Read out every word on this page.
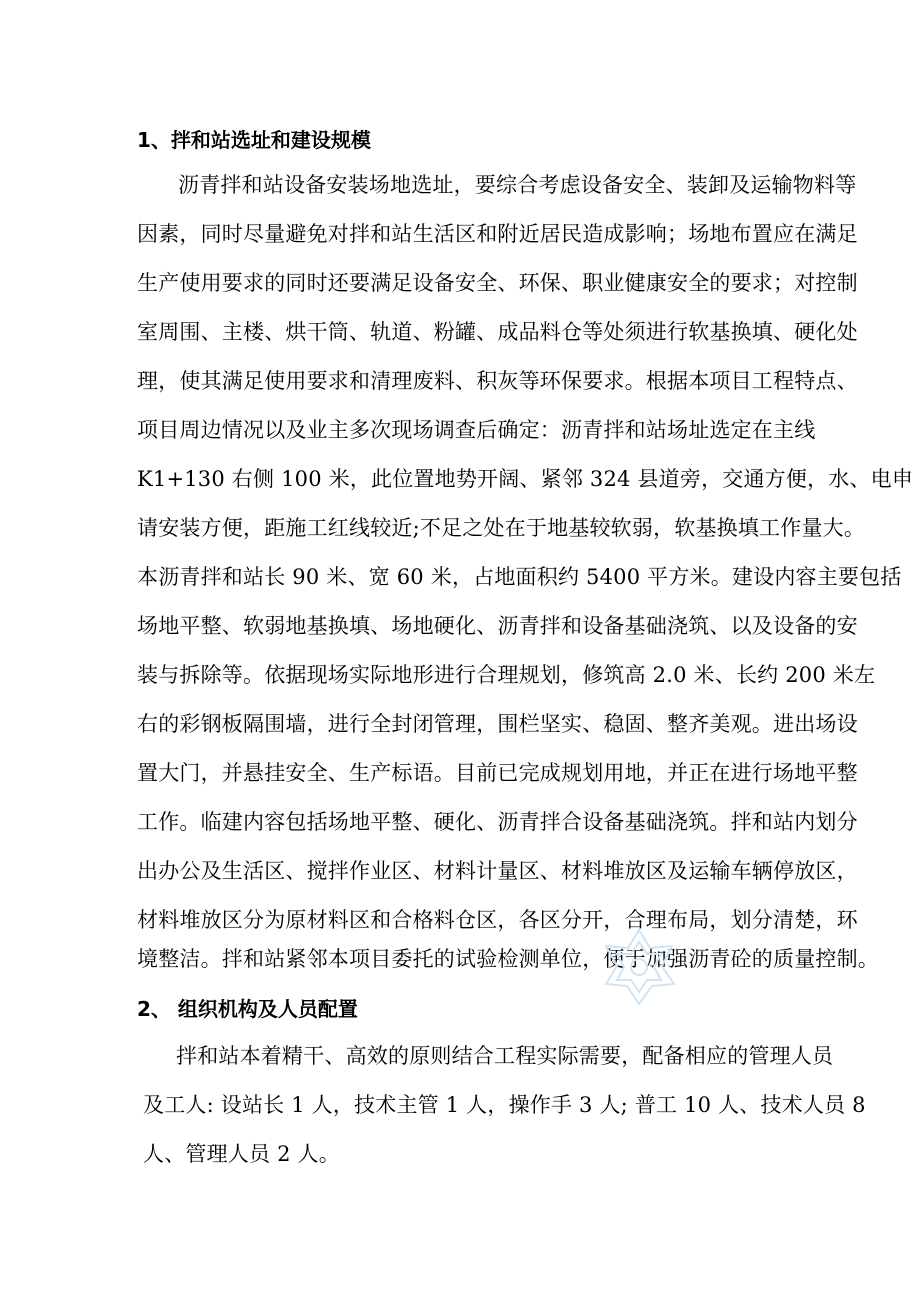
1、拌和站选址和建设规模
沥青拌和站设备安装场地选址，要综合考虑设备安全、装卸及运输物料等
因素，同时尽量避免对拌和站生活区和附近居民造成影响；场地布置应在满足
生产使用要求的同时还要满足设备安全、环保、职业健康安全的要求；对控制
室周围、主楼、烘干筒、轨道、粉罐、成品料仓等处须进行软基换填、硬化处
理，使其满足使用要求和清理废料、积灰等环保要求。根据本项目工程特点、
项目周边情况以及业主多次现场调查后确定：沥青拌和站场址选定在主线
K1+130 右侧 100 米，此位置地势开阔、紧邻 324 县道旁，交通方便，水、电申
请安装方便，距施工红线较近;不足之处在于地基较软弱，软基换填工作量大。
本沥青拌和站长 90 米、宽 60 米，占地面积约 5400 平方米。建设内容主要包括
场地平整、软弱地基换填、场地硬化、沥青拌和设备基础浇筑、以及设备的安
装与拆除等。依据现场实际地形进行合理规划，修筑高 2.0 米、长约 200 米左
右的彩钢板隔围墙，进行全封闭管理，围栏坚实、稳固、整齐美观。进出场设
置大门，并悬挂安全、生产标语。目前已完成规划用地，并正在进行场地平整
工作。临建内容包括场地平整、硬化、沥青拌合设备基础浇筑。拌和站内划分
出办公及生活区、搅拌作业区、材料计量区、材料堆放区及运输车辆停放区，
材料堆放区分为原材料区和合格料仓区，各区分开，合理布局，划分清楚，环
境整洁。拌和站紧邻本项目委托的试验检测单位，便于加强沥青砼的质量控制。
2、 组织机构及人员配置
拌和站本着精干、高效的原则结合工程实际需要，配备相应的管理人员
及工人: 设站长 1 人，技术主管 1 人，操作手 3 人; 普工 10 人、技术人员 8
人、管理人员 2 人。
